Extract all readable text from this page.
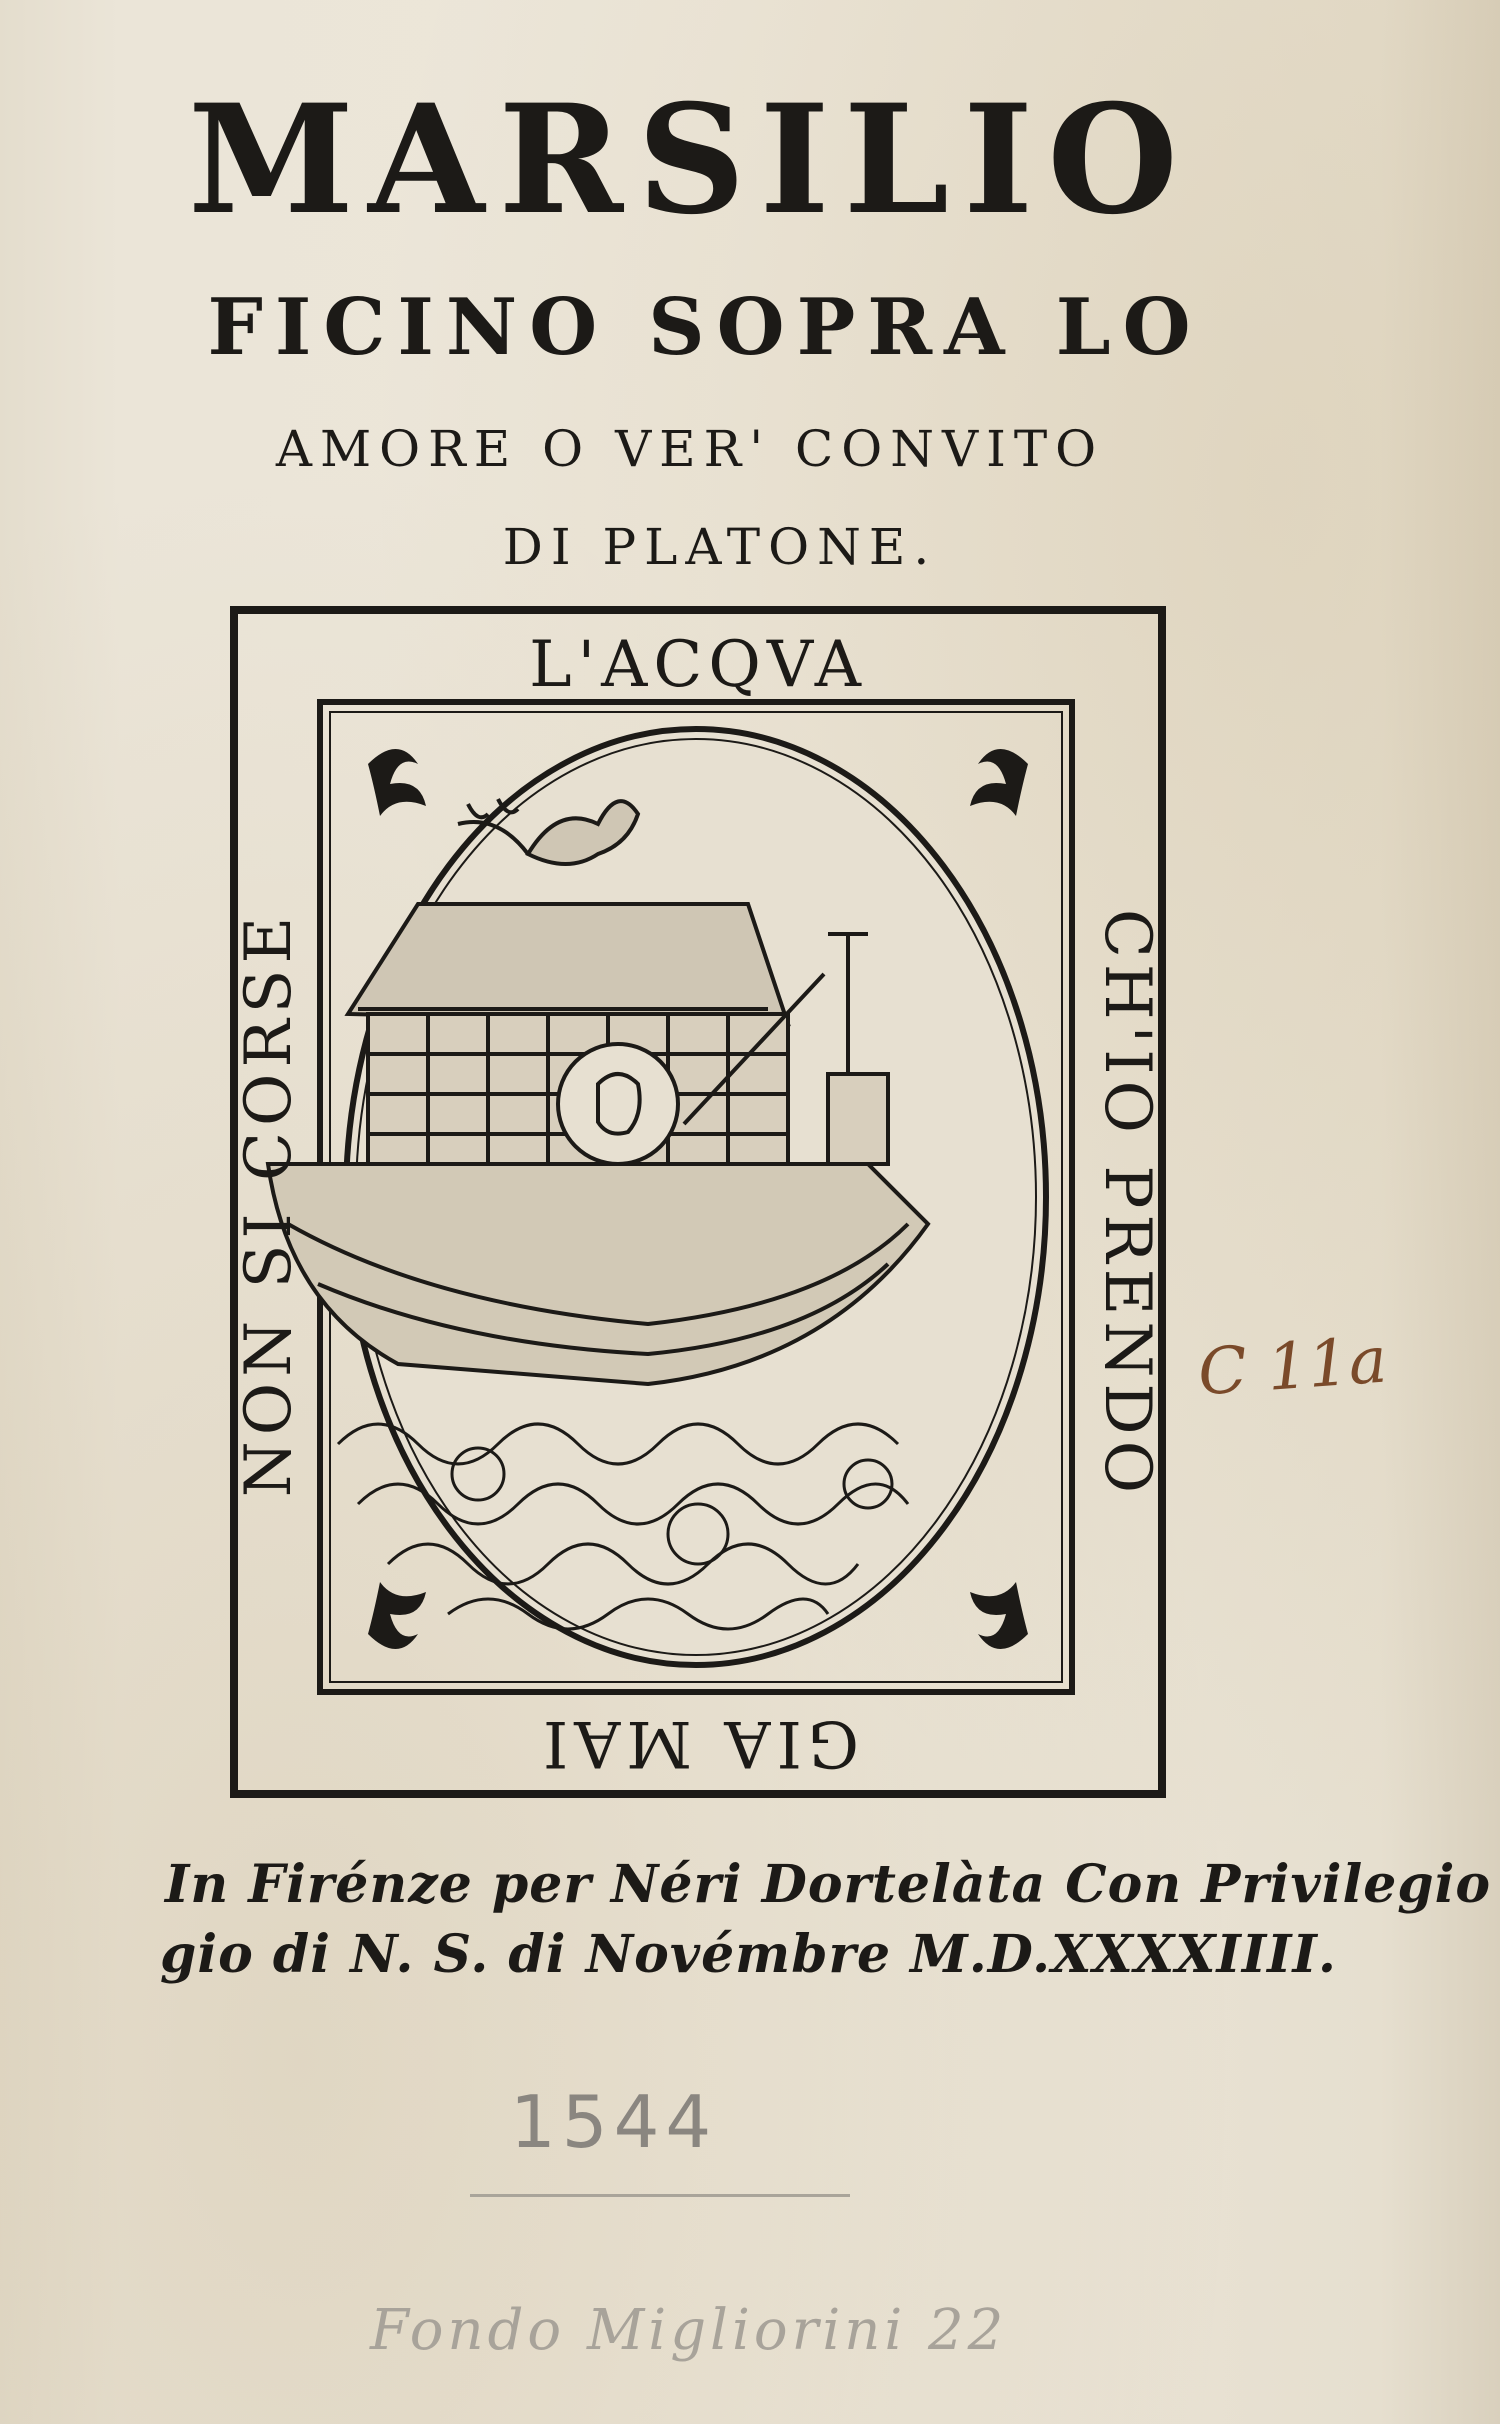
MARSILIO
FICINO SOPRA LO
AMORE O VER' CONVITO
DI PLATONE.
L'ACQVA
CH'IO PRENDO
GIA MAI
NON SI CORSE
In Firénze per Néri Dortelàta Con Privilegio
gio di N. S. di Novémbre M.D.XXXXIIII.
C 11a
1544
Fondo Migliorini 22
